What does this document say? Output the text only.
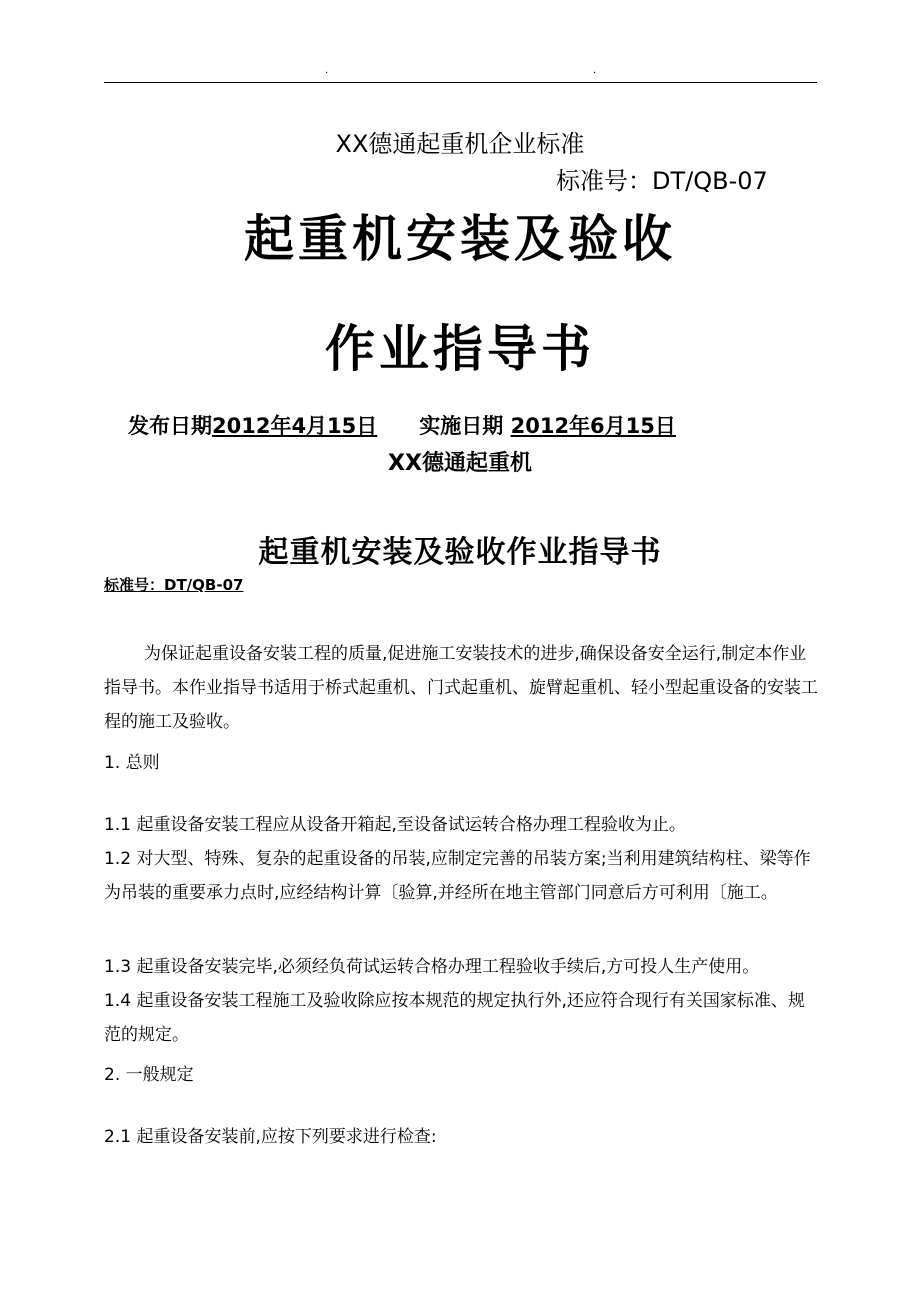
.	.
XX德通起重机企业标准
标准号：DT/QB-07
起重机安装及验收
作业指导书
发布日期2012年4月15日 实施日期 2012年6月15日
XX德通起重机
起重机安装及验收作业指导书
标准号：DT/QB-07

为保证起重设备安装工程的质量,促进施工安装技术的进步,确保设备安全运行,制定本作业指导书。本作业指导书适用于桥式起重机、门式起重机、旋臂起重机、轻小型起重设备的安装工程的施工及验收。

1. 总则
1.1 起重设备安装工程应从设备开箱起,至设备试运转合格办理工程验收为止。
1.2 对大型、特殊、复杂的起重设备的吊装,应制定完善的吊装方案;当利用建筑结构柱、梁等作为吊装的重要承力点时,应经结构计算〔验算,并经所在地主管部门同意后方可利用〔施工。
1.3 起重设备安装完毕,必须经负荷试运转合格办理工程验收手续后,方可投人生产使用。
1.4 起重设备安装工程施工及验收除应按本规范的规定执行外,还应符合现行有关国家标准、规范的规定。
2. 一般规定
2.1 起重设备安装前,应按下列要求进行检查:
